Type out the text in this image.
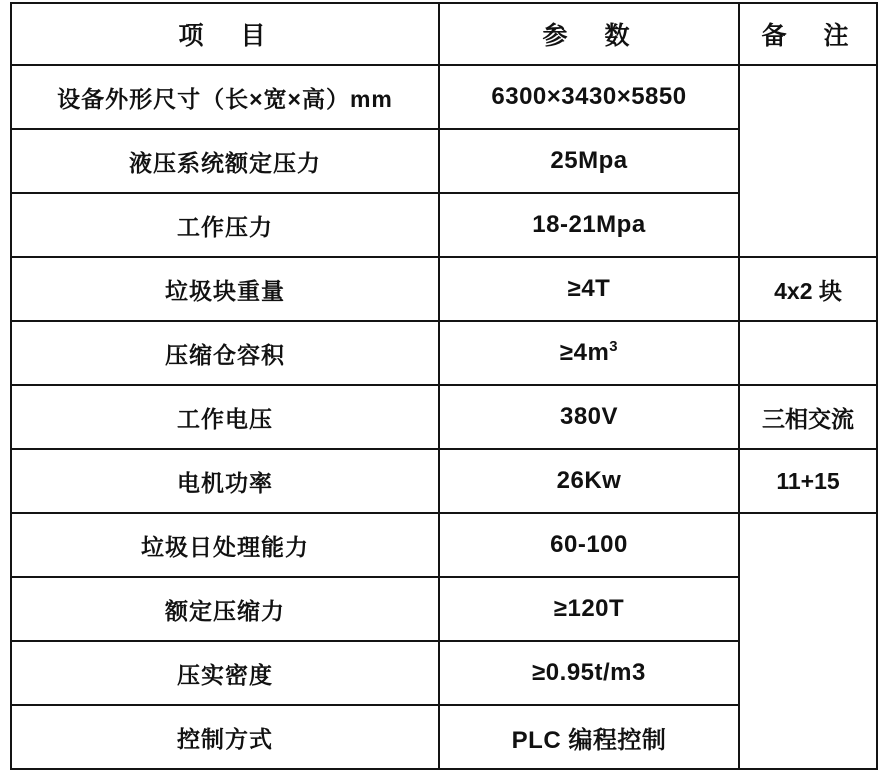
项　目	参　数	备　注
设备外形尺寸（长×宽×高）mm	6300×3430×5850	
液压系统额定压力	25Mpa	
工作压力	18-21Mpa	
垃圾块重量	≥4T	4x2 块
压缩仓容积	$\ge 4m^3$	
工作电压	380V	三相交流
电机功率	26Kw	11+15
垃圾日处理能力	60-100	
额定压缩力	≥120T	
压实密度	≥0.95t/m3	
控制方式	PLC 编程控制	
